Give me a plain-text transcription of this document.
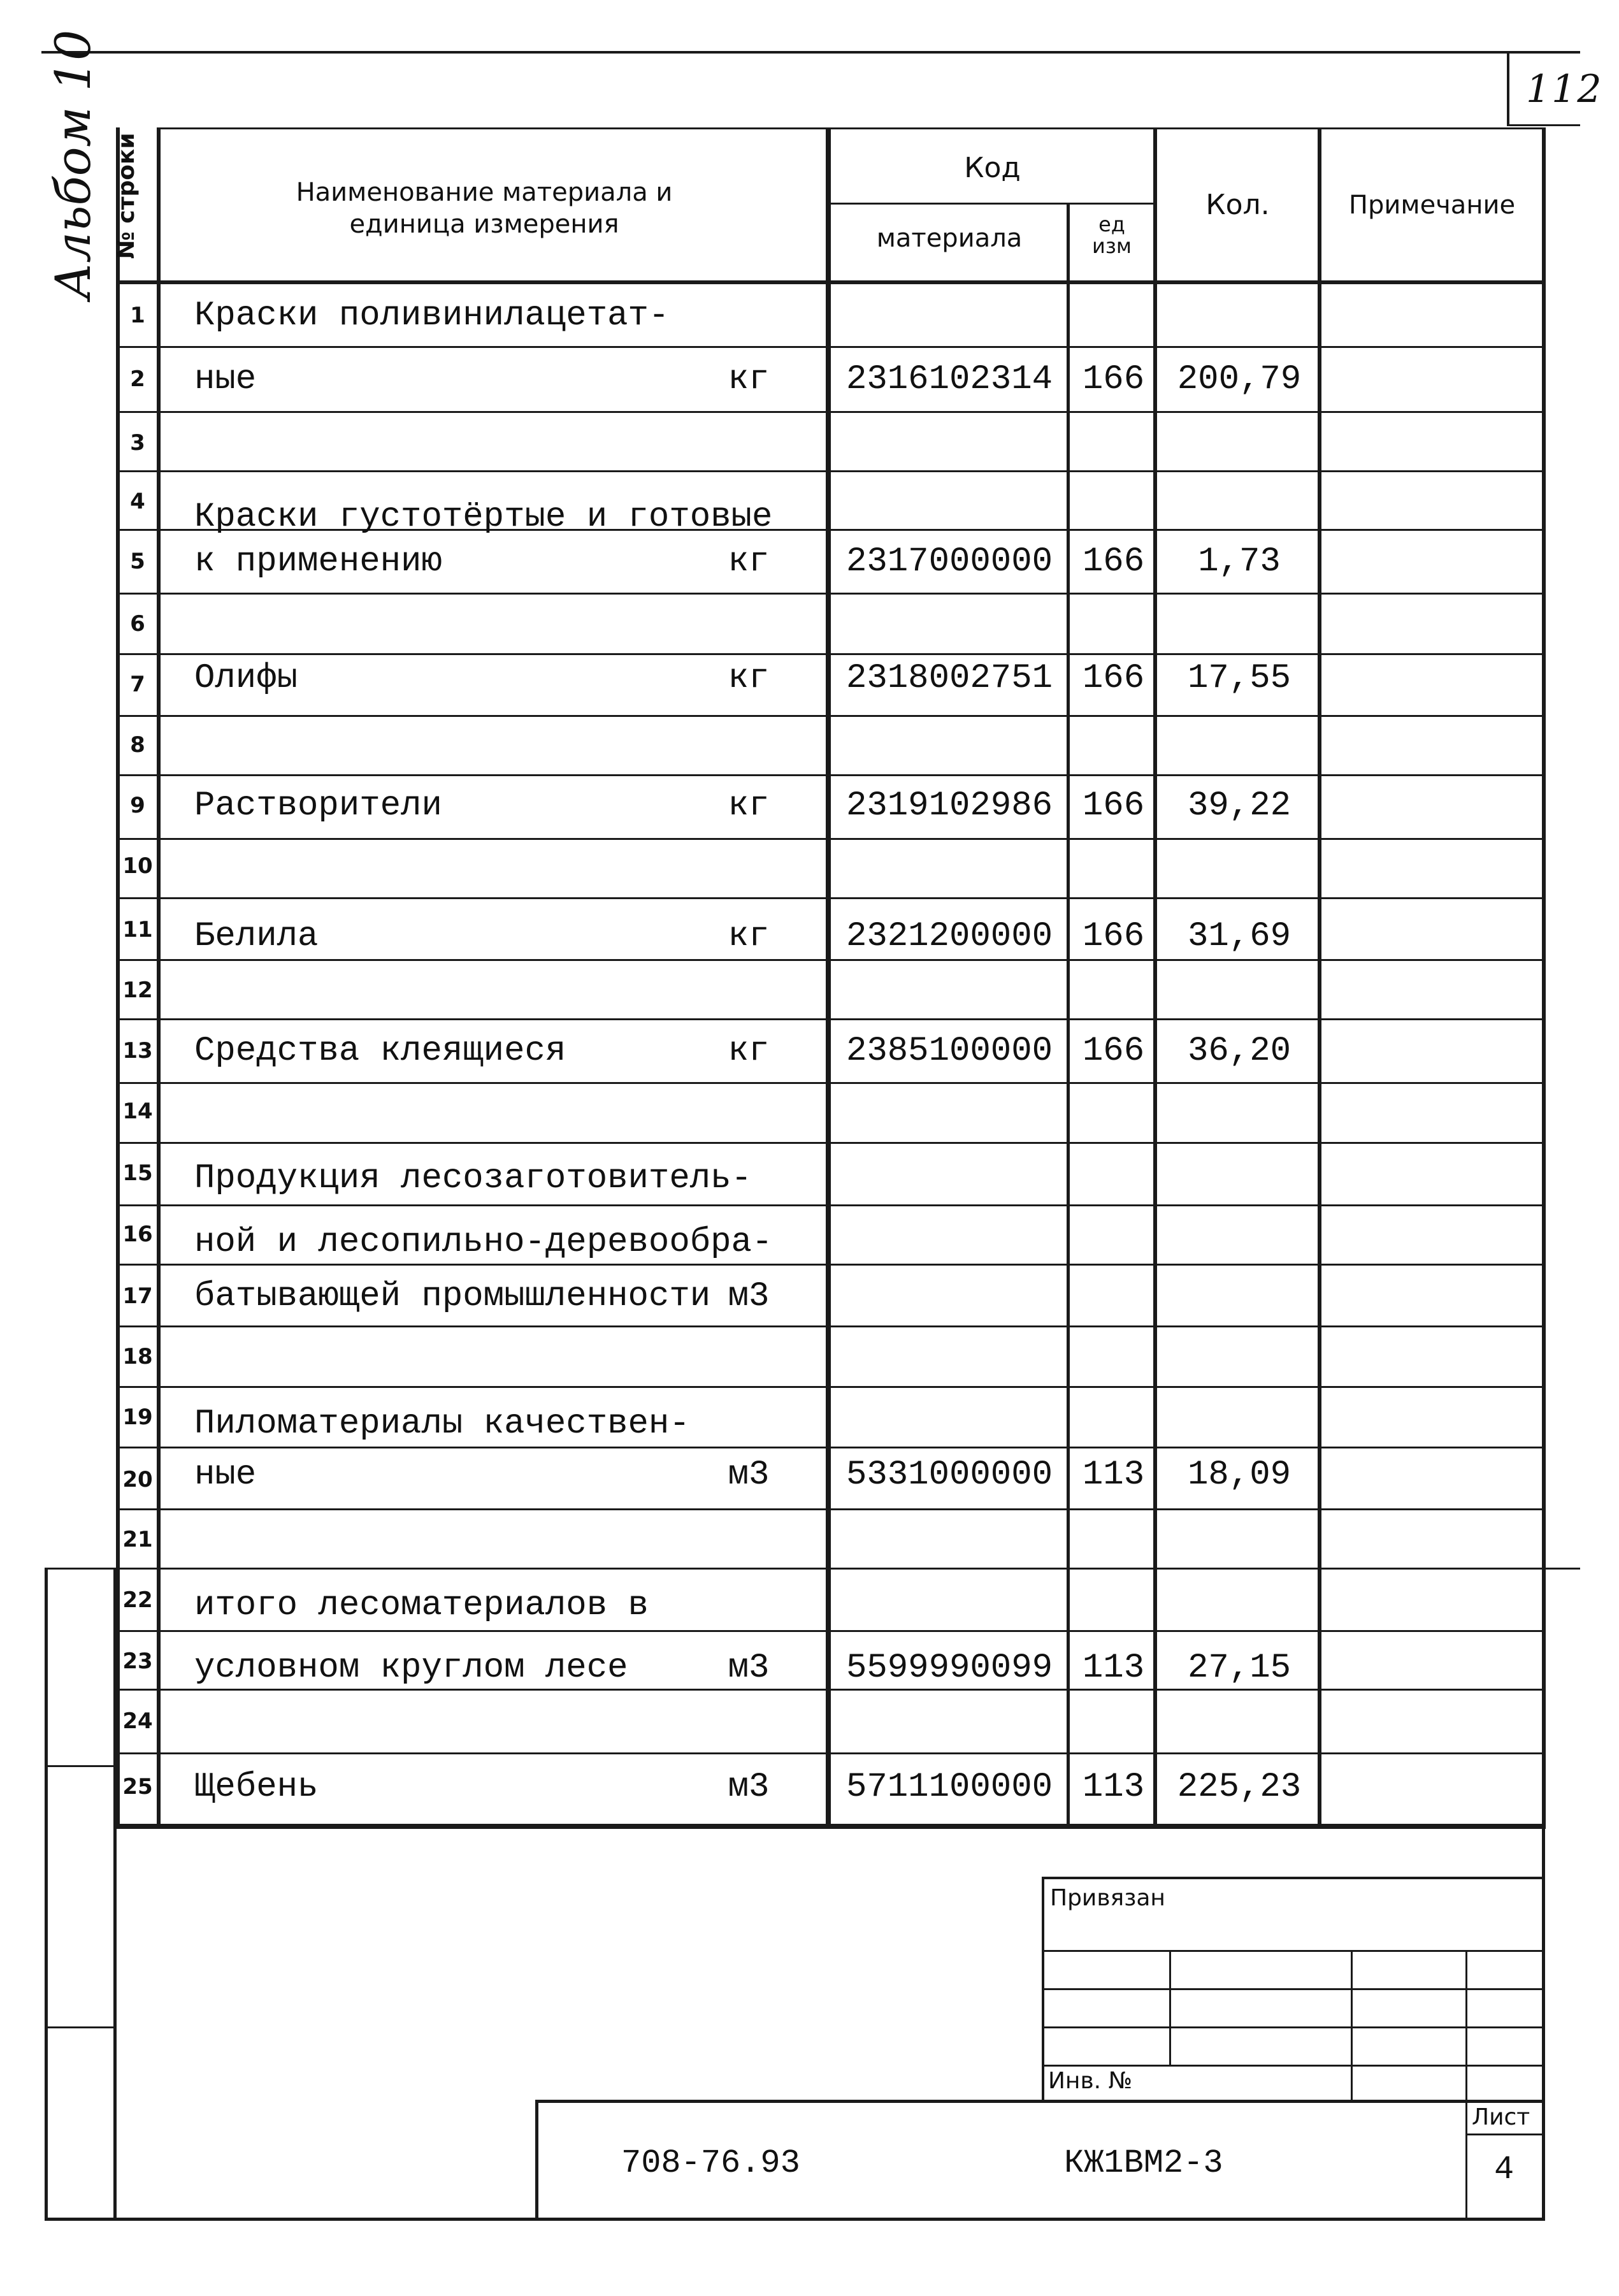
112
Альбом 10 № строки	Наименование материала и
единица измерения
Код
материала	ед изм
Кол.	Примечание
1	Краски поливинилацетат-
2	ные	кг	2316102314 166 200,79
3
4	Краски густотёртые и готовые
5	к применению	кг	2317000000 166	1,73
6
7	Олифы	кг	2318002751 166	17,55
8
9	Растворители	кг	2319102986 166	39,22
10
11 Белила	кг	2321200000 166	31,69
12
13 Средства клеящиеся	кг	2385100000 166	36,20
14
15 Продукция лесозаготовитель-
16 ной и лесопильно-деревообра-
17 батывающей промышленности м3
18
19 Пиломатериалы качествен-
20 ные	м3	5331000000 113	18,09
21
22 итого лесоматериалов в
23 условном круглом лесе	м3	5599990099 113	27,15
24
25 Щебень	м3	5711100000 113 225,23
Привязан
Инв. №
Лист
4
708-76.93	КЖ1ВМ2-3
